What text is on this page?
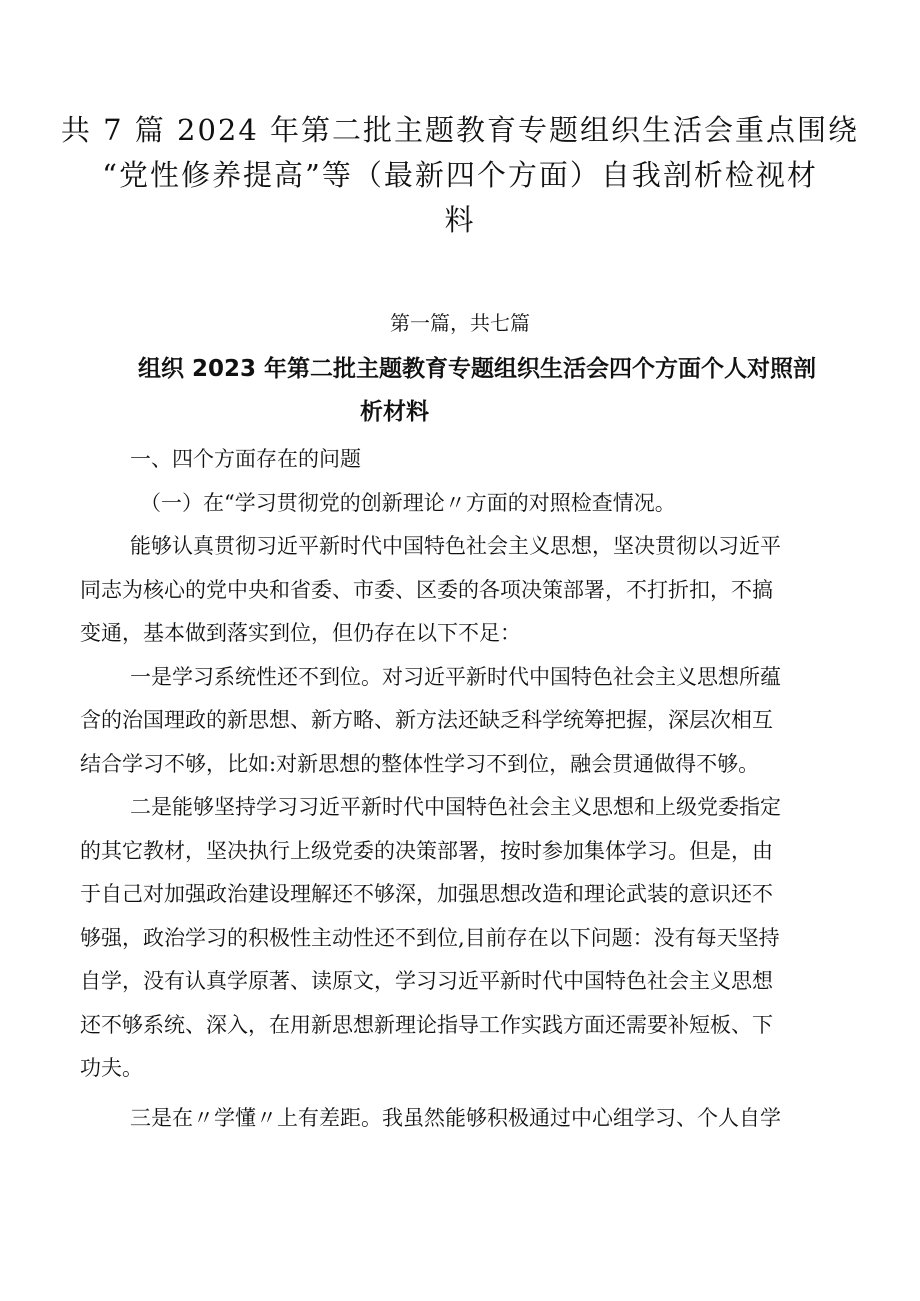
共 7 篇 2024 年第二批主题教育专题组织生活会重点围绕
“党性修养提高”等（最新四个方面）自我剖析检视材
料

第一篇，共七篇

组织 2023 年第二批主题教育专题组织生活会四个方面个人对照剖
析材料
一、四个方面存在的问题
（一）在“学习贯彻党的创新理论〃方面的对照检查情况。
能够认真贯彻习近平新时代中国特色社会主义思想，坚决贯彻以习近平
同志为核心的党中央和省委、市委、区委的各项决策部署，不打折扣，不搞
变通，基本做到落实到位，但仍存在以下不足：
一是学习系统性还不到位。对习近平新时代中国特色社会主义思想所蕴
含的治国理政的新思想、新方略、新方法还缺乏科学统筹把握，深层次相互
结合学习不够，比如:对新思想的整体性学习不到位，融会贯通做得不够。
二是能够坚持学习习近平新时代中国特色社会主义思想和上级党委指定
的其它教材，坚决执行上级党委的决策部署，按时参加集体学习。但是，由
于自己对加强政治建设理解还不够深，加强思想改造和理论武装的意识还不
够强，政治学习的积极性主动性还不到位,目前存在以下问题：没有每天坚持
自学，没有认真学原著、读原文，学习习近平新时代中国特色社会主义思想
还不够系统、深入，在用新思想新理论指导工作实践方面还需要补短板、下
功夫。
三是在〃学懂〃上有差距。我虽然能够积极通过中心组学习、个人自学
